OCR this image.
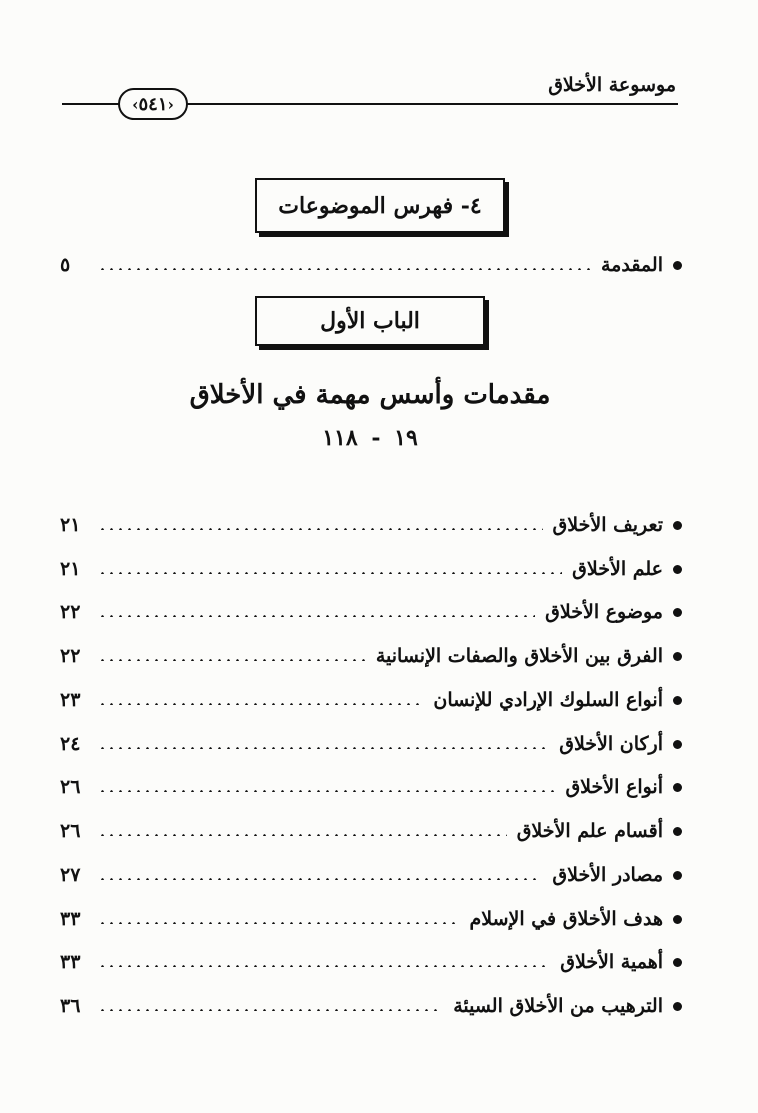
موسوعة الأخلاق
‹ ٥٤١ ›
٤- فهرس الموضوعات
المقدمة
٥
الباب الأول
مقدمات وأسس مهمة في الأخلاق
١٩ - ١١٨
تعريف الأخلاق
٢١
علم الأخلاق
٢١
موضوع الأخلاق
٢٢
الفرق بين الأخلاق والصفات الإنسانية
٢٢
أنواع السلوك الإرادي للإنسان
٢٣
أركان الأخلاق
٢٤
أنواع الأخلاق
٢٦
أقسام علم الأخلاق
٢٦
مصادر الأخلاق
٢٧
هدف الأخلاق في الإسلام
٣٣
أهمية الأخلاق
٣٣
الترهيب من الأخلاق السيئة
٣٦
